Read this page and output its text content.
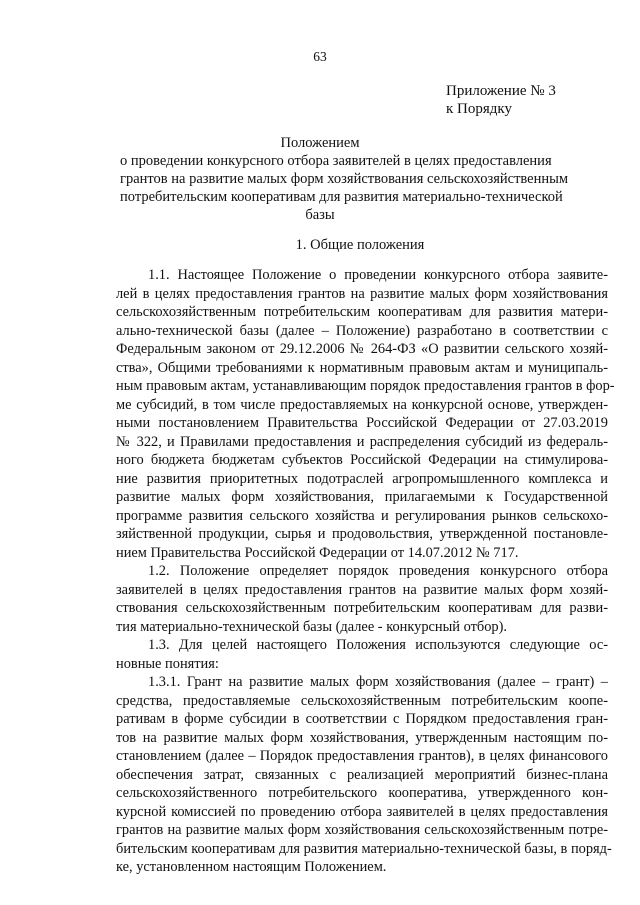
63
Приложение № 3
к Порядку
Положением
о проведении конкурсного отбора заявителей в целях предоставления
грантов на развитие малых форм хозяйствования сельскохозяйственным
потребительским кооперативам для развития материально-технической
базы
1. Общие положения
1.1. Настоящее Положение о проведении конкурсного отбора заявите-
лей в целях предоставления грантов на развитие малых форм хозяйствования
сельскохозяйственным потребительским кооперативам для развития матери-
ально-технической базы (далее – Положение) разработано в соответствии с
Федеральным законом от 29.12.2006 № 264-ФЗ «О развитии сельского хозяй-
ства», Общими требованиями к нормативным правовым актам и муниципаль-
ным правовым актам, устанавливающим порядок предоставления грантов в фор-
ме субсидий, в том числе предоставляемых на конкурсной основе, утвержден-
ными постановлением Правительства Российской Федерации от 27.03.2019
№ 322, и Правилами предоставления и распределения субсидий из федераль-
ного бюджета бюджетам субъектов Российской Федерации на стимулирова-
ние развития приоритетных подотраслей агропромышленного комплекса и
развитие малых форм хозяйствования, прилагаемыми к Государственной
программе развития сельского хозяйства и регулирования рынков сельскохо-
зяйственной продукции, сырья и продовольствия, утвержденной постановле-
нием Правительства Российской Федерации от 14.07.2012 № 717.
1.2. Положение определяет порядок проведения конкурсного отбора
заявителей в целях предоставления грантов на развитие малых форм хозяй-
ствования сельскохозяйственным потребительским кооперативам для разви-
тия материально-технической базы (далее - конкурсный отбор).
1.3. Для целей настоящего Положения используются следующие ос-
новные понятия:
1.3.1. Грант на развитие малых форм хозяйствования (далее – грант) –
средства, предоставляемые сельскохозяйственным потребительским коопе-
ративам в форме субсидии в соответствии с Порядком предоставления гран-
тов на развитие малых форм хозяйствования, утвержденным настоящим по-
становлением (далее – Порядок предоставления грантов), в целях финансового
обеспечения затрат, связанных с реализацией мероприятий бизнес-плана
сельскохозяйственного потребительского кооператива, утвержденного кон-
курсной комиссией по проведению отбора заявителей в целях предоставления
грантов на развитие малых форм хозяйствования сельскохозяйственным потре-
бительским кооперативам для развития материально-технической базы, в поряд-
ке, установленном настоящим Положением.
